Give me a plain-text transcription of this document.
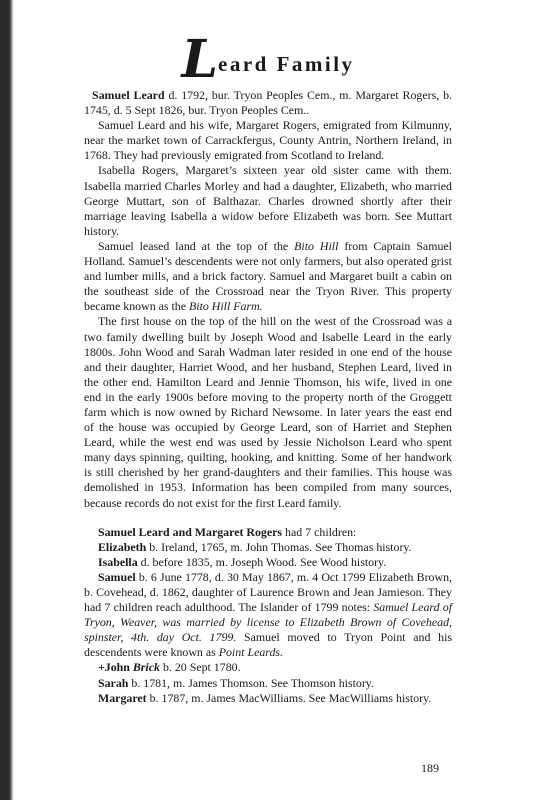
Leard Family

Samuel Leard d. 1792, bur. Tryon Peoples Cem., m. Margaret Rogers, b. 1745, d. 5 Sept 1826, bur. Tryon Peoples Cem..

Samuel Leard and his wife, Margaret Rogers, emigrated from Kilmunny, near the market town of Carrackfergus, County Antrin, Northern Ireland, in 1768. They had previously emigrated from Scotland to Ireland.

Isabella Rogers, Margaret’s sixteen year old sister came with them. Isabella married Charles Morley and had a daughter, Elizabeth, who married George Muttart, son of Balthazar. Charles drowned shortly after their marriage leaving Isabella a widow before Elizabeth was born. See Muttart history.

Samuel leased land at the top of the Bito Hill from Captain Samuel Holland. Samuel’s descendents were not only farmers, but also operated grist and lumber mills, and a brick factory. Samuel and Margaret built a cabin on the southeast side of the Crossroad near the Tryon River. This property became known as the Bito Hill Farm.

The first house on the top of the hill on the west of the Crossroad was a two family dwelling built by Joseph Wood and Isabelle Leard in the early 1800s. John Wood and Sarah Wadman later resided in one end of the house and their daughter, Harriet Wood, and her husband, Stephen Leard, lived in the other end. Hamilton Leard and Jennie Thomson, his wife, lived in one end in the early 1900s before moving to the property north of the Groggett farm which is now owned by Richard Newsome. In later years the east end of the house was occupied by George Leard, son of Harriet and Stephen Leard, while the west end was used by Jessie Nicholson Leard who spent many days spinning, quilting, hooking, and knitting. Some of her handwork is still cherished by her grand-daughters and their families. This house was demolished in 1953. Information has been compiled from many sources, because records do not exist for the first Leard family.

Samuel Leard and Margaret Rogers had 7 children:

Elizabeth b. Ireland, 1765, m. John Thomas. See Thomas history.

Isabella d. before 1835, m. Joseph Wood. See Wood history.

Samuel b. 6 June 1778, d. 30 May 1867, m. 4 Oct 1799 Elizabeth Brown, b. Covehead, d. 1862, daughter of Laurence Brown and Jean Jamieson. They had 7 children reach adulthood. The Islander of 1799 notes: Samuel Leard of Tryon, Weaver, was married by license to Elizabeth Brown of Covehead, spinster, 4th. day Oct. 1799. Samuel moved to Tryon Point and his descendents were known as Point Leards.

+John Brick b. 20 Sept 1780.

Sarah b. 1781, m. James Thomson. See Thomson history.

Margaret b. 1787, m. James MacWilliams. See MacWilliams history.

189
